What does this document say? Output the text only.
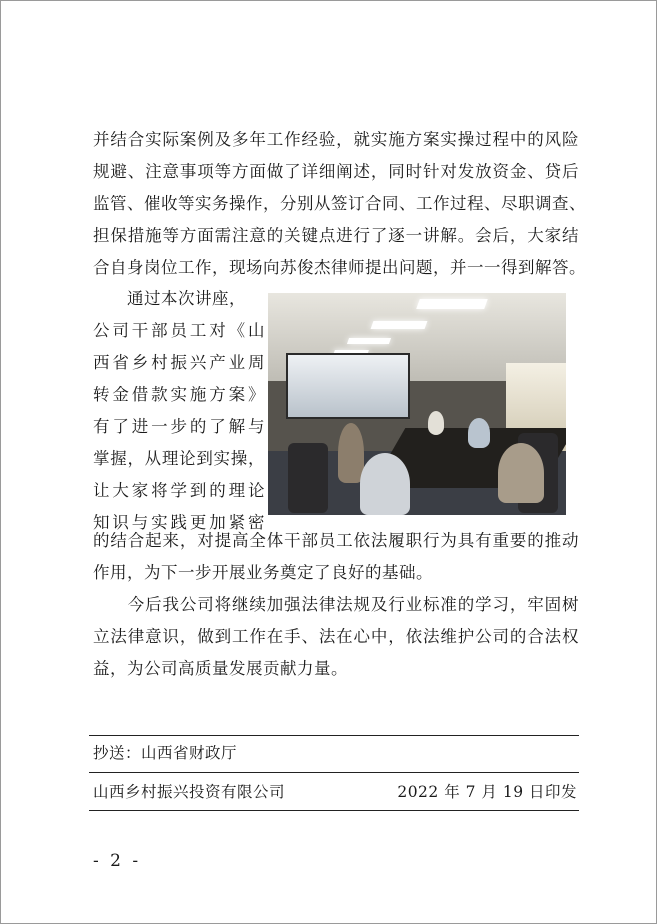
并结合实际案例及多年工作经验，就实施方案实操过程中的风险
规避、注意事项等方面做了详细阐述，同时针对发放资金、贷后
监管、催收等实务操作，分别从签订合同、工作过程、尽职调查、
担保措施等方面需注意的关键点进行了逐一讲解。会后，大家结
合自身岗位工作，现场向苏俊杰律师提出问题，并一一得到解答。
　　通过本次讲座，
公司干部员工对《山
西省乡村振兴产业周
转金借款实施方案》
有了进一步的了解与
掌握，从理论到实操，
让大家将学到的理论
知识与实践更加紧密
的结合起来，对提高全体干部员工依法履职行为具有重要的推动
作用，为下一步开展业务奠定了良好的基础。
　　今后我公司将继续加强法律法规及行业标准的学习，牢固树
立法律意识，做到工作在手、法在心中，依法维护公司的合法权
益，为公司高质量发展贡献力量。
抄送：山西省财政厅
山西乡村振兴投资有限公司	2022 年 7 月 19 日印发
- 2 -
